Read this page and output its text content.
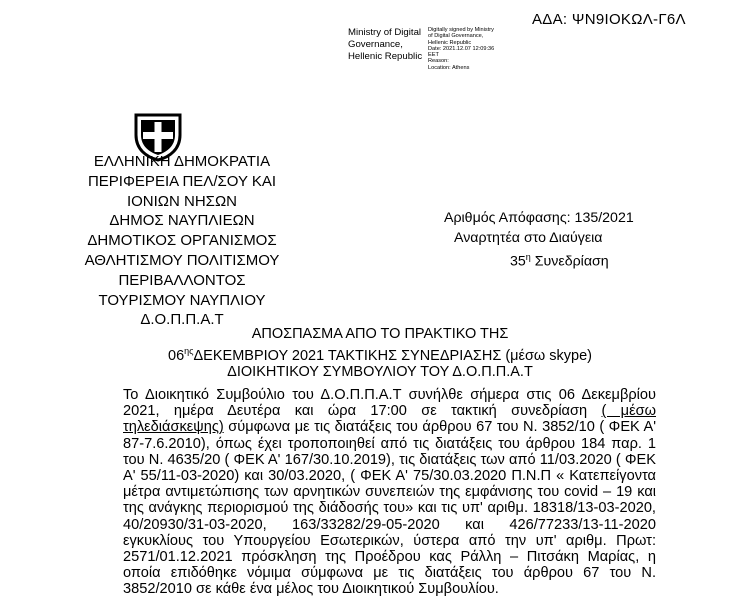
ΑΔΑ: ΨΝ9ΙΟΚΩΛ-Γ6Λ
Ministry of Digital Governance, Hellenic Republic
Digitally signed by Ministry
of Digital Governance,
Hellenic Republic
Date: 2021.12.07 12:09:36
EET
Reason:
Location: Athens
ΕΛΛΗΝΙΚΗ ΔΗΜΟΚΡΑΤΙΑ
ΠΕΡΙΦΕΡΕΙΑ ΠΕΛ/ΣΟΥ ΚΑΙ
ΙΟΝΙΩΝ ΝΗΣΩΝ
ΔΗΜΟΣ ΝΑΥΠΛΙΕΩΝ
ΔΗΜΟΤΙΚΟΣ ΟΡΓΑΝΙΣΜΟΣ
ΑΘΛΗΤΙΣΜΟΥ ΠΟΛΙΤΙΣΜΟΥ
ΠΕΡΙΒΑΛΛΟΝΤΟΣ
ΤΟΥΡΙΣΜΟΥ ΝΑΥΠΛΙΟΥ
Δ.Ο.Π.Π.Α.Τ
Αριθμός Απόφασης: 135/2021
Αναρτητέα στο Διαύγεια
$35^\eta$ Συνεδρίαση
ΑΠΟΣΠΑΣΜΑ ΑΠΟ ΤΟ ΠΡΑΚΤΙΚΟ ΤΗΣ
$06^{\eta\varsigma}\Delta EKEMBPIO\Upsilon$ 2021 ΤΑΚΤΙΚΗΣ ΣΥΝΕΔΡΙΑΣΗΣ (μέσω skype)
ΔΙΟΙΚΗΤΙΚΟΥ ΣΥΜΒΟΥΛΙΟΥ ΤΟΥ Δ.Ο.Π.Π.Α.Τ

Το Διοικητικό Συμβούλιο του Δ.Ο.Π.Π.Α.Τ συνήλθε σήμερα στις 06 Δεκεμβρίου 2021, ημέρα Δευτέρα και ώρα 17:00 σε τακτική συνεδρίαση ( μέσω τηλεδιάσκεψης) σύμφωνα με τις διατάξεις του άρθρου 67 του Ν. 3852/10 ( ΦΕΚ Α' 87-7.6.2010), όπως έχει τροποποιηθεί από τις διατάξεις του άρθρου 184 παρ. 1 του Ν. 4635/20 ( ΦΕΚ Α' 167/30.10.2019), τις διατάξεις των από 11/03.2020 ( ΦΕΚ Α' 55/11-03-2020) και 30/03.2020, ( ΦΕΚ Α' 75/30.03.2020 Π.Ν.Π « Κατεπείγοντα μέτρα αντιμετώπισης των αρνητικών συνεπειών της εμφάνισης του covid – 19 και της ανάγκης περιορισμού της διάδοσής του» και τις υπ' αριθμ. 18318/13-03-2020, 40/20930/31-03-2020, 163/33282/29-05-2020 και 426/77233/13-11-2020 εγκυκλίους του Υπουργείου Εσωτερικών, ύστερα από την υπ' αριθμ. Πρωτ: 2571/01.12.2021 πρόσκληση της Προέδρου κας Ράλλη – Πιτσάκη Μαρίας, η οποία επιδόθηκε νόμιμα σύμφωνα με τις διατάξεις του άρθρου 67 του Ν. 3852/2010 σε κάθε ένα μέλος του Διοικητικού Συμβουλίου.
